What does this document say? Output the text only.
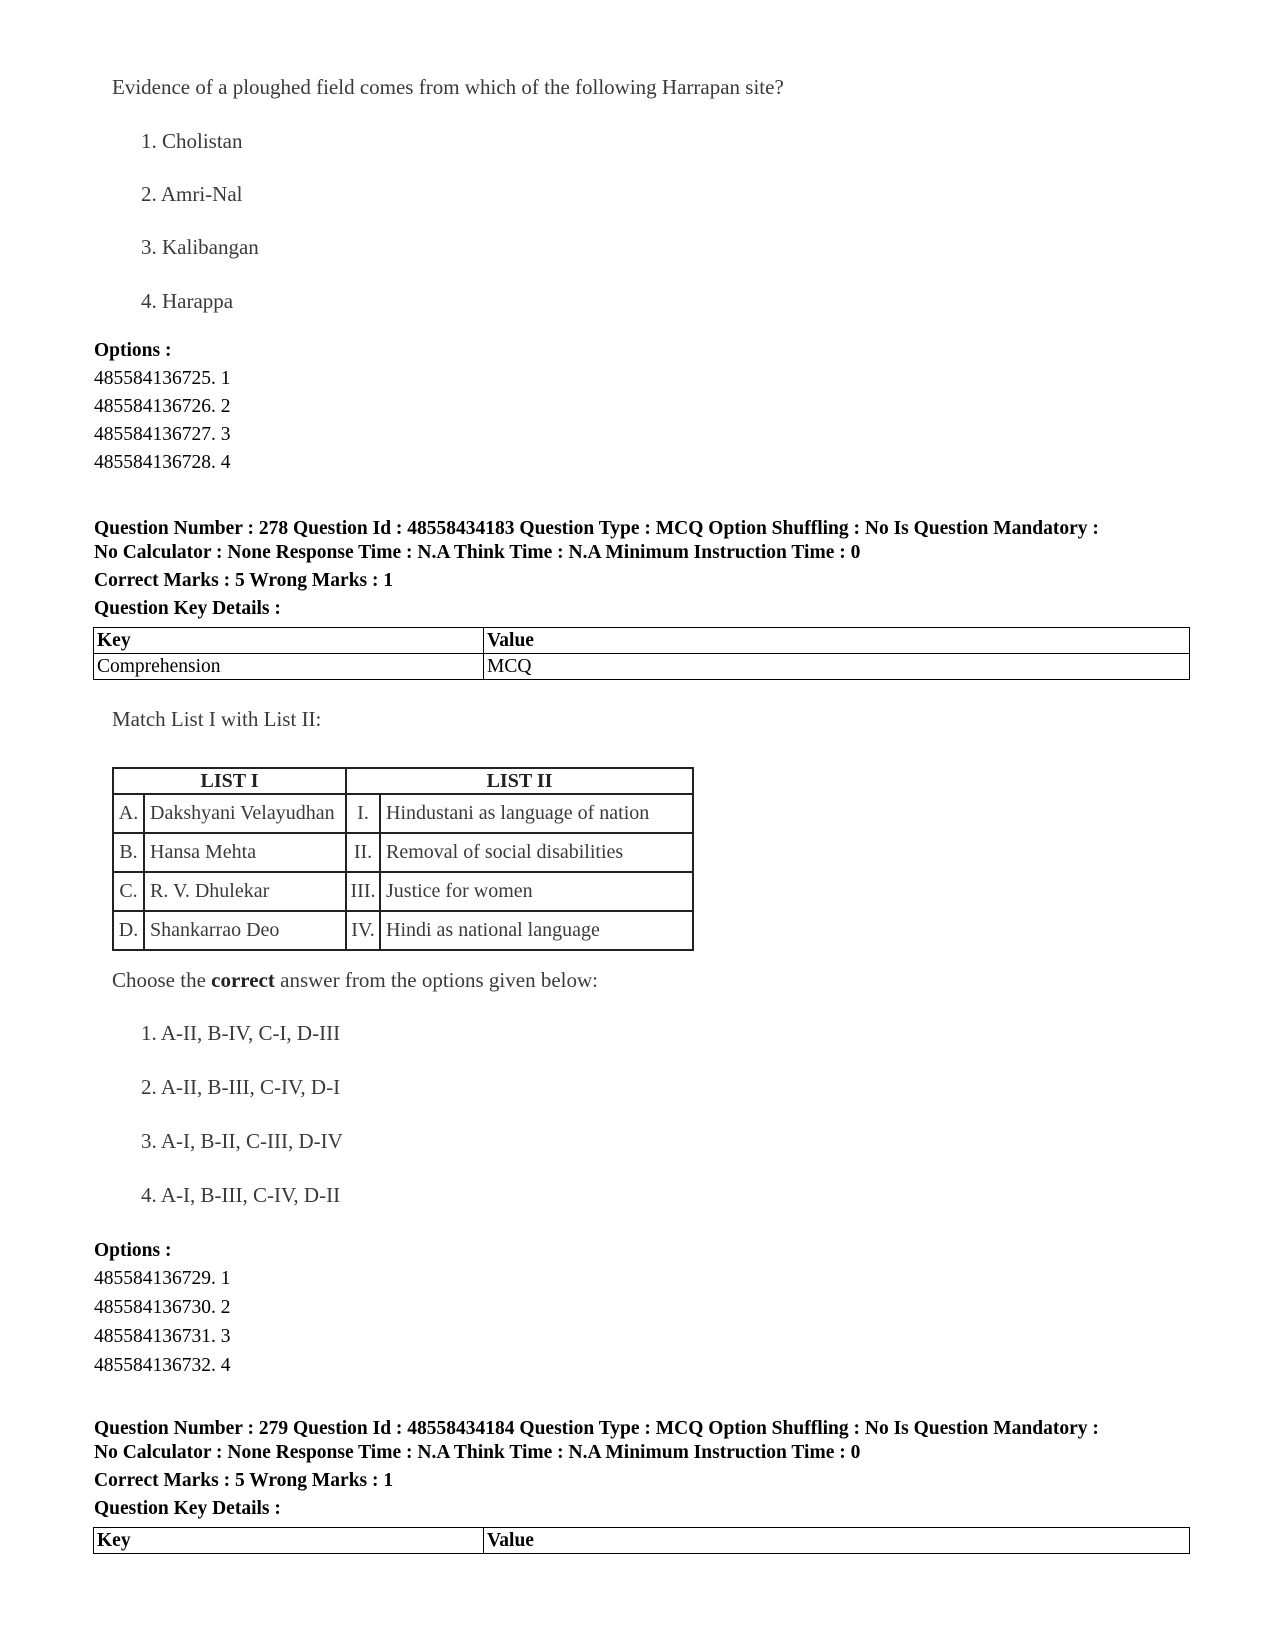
Evidence of a ploughed field comes from which of the following Harrapan site?
1. Cholistan
2. Amri-Nal
3. Kalibangan
4. Harappa
Options :
485584136725. 1
485584136726. 2
485584136727. 3
485584136728. 4
Question Number : 278 Question Id : 48558434183 Question Type : MCQ Option Shuffling : No Is Question Mandatory :
No Calculator : None Response Time : N.A Think Time : N.A Minimum Instruction Time : 0
Correct Marks : 5 Wrong Marks : 1
Question Key Details :
Key	Value
Comprehension	MCQ
Match List I with List II:
LIST I		LIST II	
A.	Dakshyani Velayudhan	I.	Hindustani as language of nation
B.	Hansa Mehta	II.	Removal of social disabilities
C.	R. V. Dhulekar	III.	Justice for women
D.	Shankarrao Deo	IV.	Hindi as national language
Choose the correct answer from the options given below:
1. A-II, B-IV, C-I, D-III
2. A-II, B-III, C-IV, D-I
3. A-I, B-II, C-III, D-IV
4. A-I, B-III, C-IV, D-II
Options :
485584136729. 1
485584136730. 2
485584136731. 3
485584136732. 4
Question Number : 279 Question Id : 48558434184 Question Type : MCQ Option Shuffling : No Is Question Mandatory :
No Calculator : None Response Time : N.A Think Time : N.A Minimum Instruction Time : 0
Correct Marks : 5 Wrong Marks : 1
Question Key Details :
Key	Value
